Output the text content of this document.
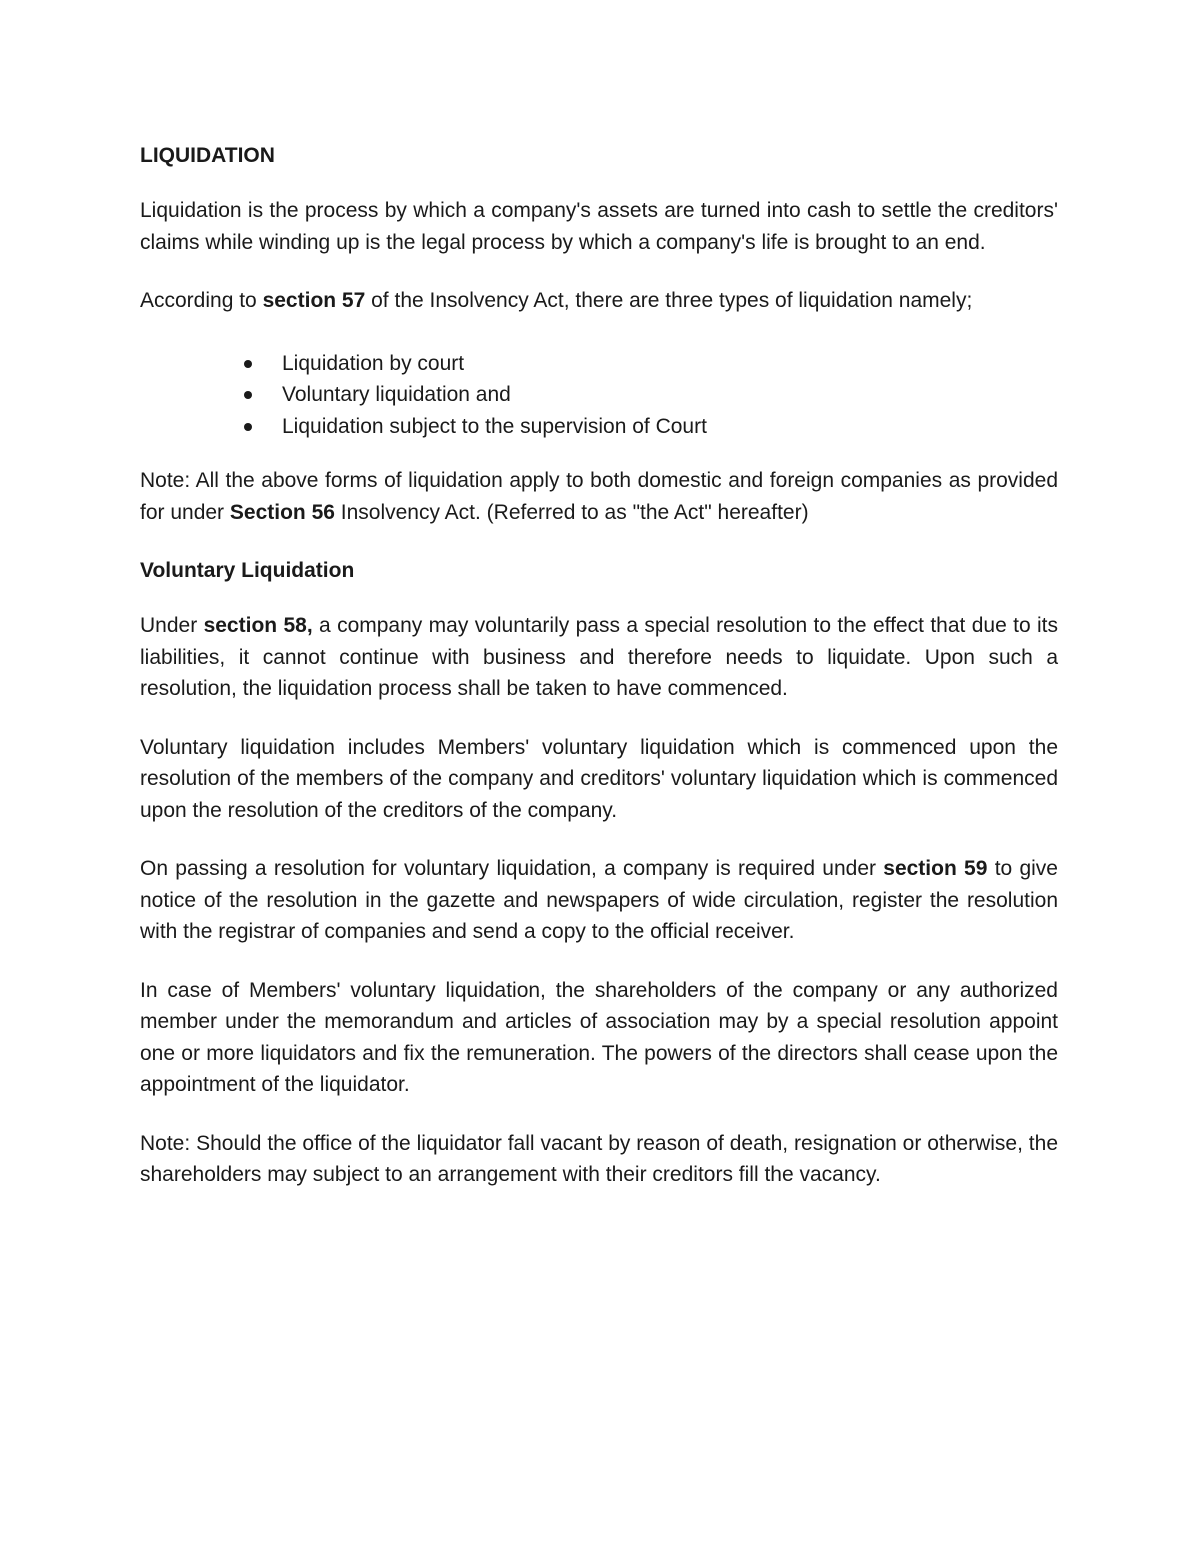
LIQUIDATION

Liquidation is the process by which a company's assets are turned into cash to settle the creditors' claims while winding up is the legal process by which a company's life is brought to an end.

According to section 57 of the Insolvency Act, there are three types of liquidation namely;

Liquidation by court
Voluntary liquidation and
Liquidation subject to the supervision of Court

Note: All the above forms of liquidation apply to both domestic and foreign companies as provided for under Section 56 Insolvency Act. (Referred to as "the Act" hereafter)

Voluntary Liquidation

Under section 58, a company may voluntarily pass a special resolution to the effect that due to its liabilities, it cannot continue with business and therefore needs to liquidate. Upon such a resolution, the liquidation process shall be taken to have commenced.

Voluntary liquidation includes Members' voluntary liquidation which is commenced upon the resolution of the members of the company and creditors' voluntary liquidation which is commenced upon the resolution of the creditors of the company.

On passing a resolution for voluntary liquidation, a company is required under section 59 to give notice of the resolution in the gazette and newspapers of wide circulation, register the resolution with the registrar of companies and send a copy to the official receiver.

In case of Members' voluntary liquidation, the shareholders of the company or any authorized member under the memorandum and articles of association may by a special resolution appoint one or more liquidators and fix the remuneration. The powers of the directors shall cease upon the appointment of the liquidator.

Note: Should the office of the liquidator fall vacant by reason of death, resignation or otherwise, the shareholders may subject to an arrangement with their creditors fill the vacancy.
